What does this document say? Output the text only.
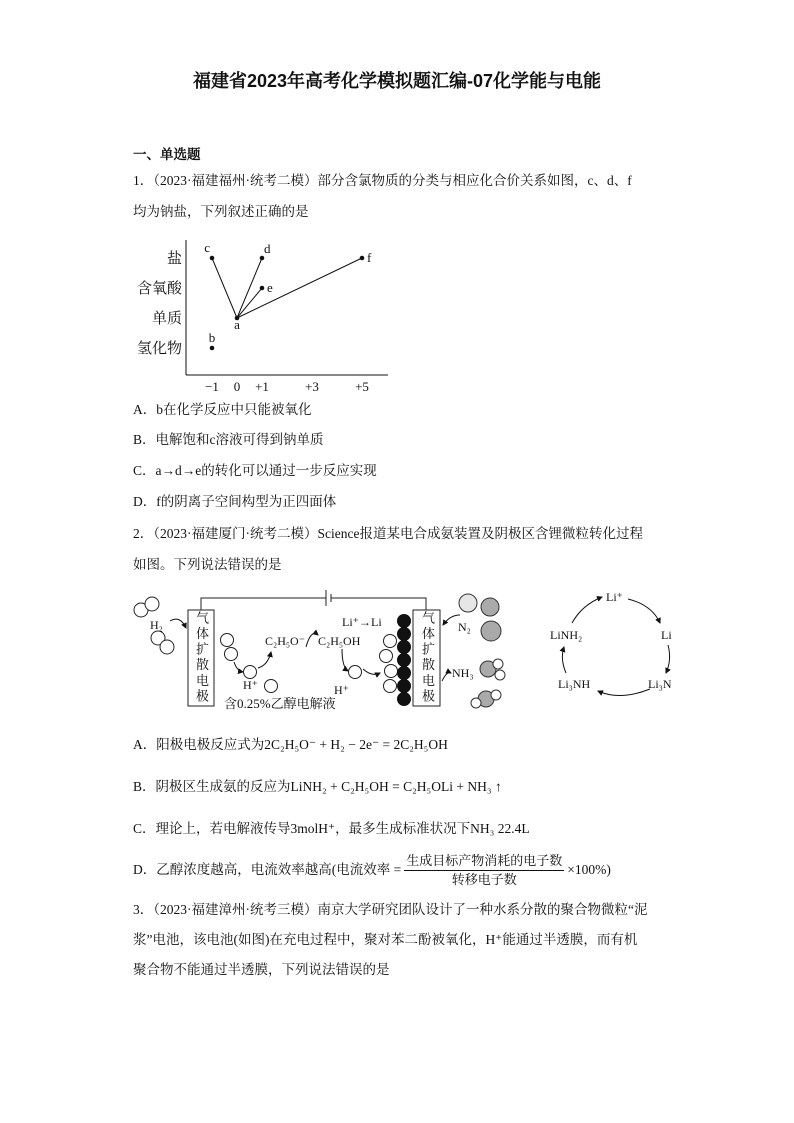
福建省2023年高考化学模拟题汇编-07化学能与电能
一、单选题
1．（2023·福建福州·统考二模）部分含氯物质的分类与相应化合价关系如图，c、d、f
均为钠盐，下列叙述正确的是
盐
含氧酸
单质
氢化物
−1 0 +1	+3	+5
a
b
c	d
e
f
A．b在化学反应中只能被氧化
B．电解饱和c溶液可得到钠单质
C．a→d→e的转化可以通过一步反应实现
D．f的阴离子空间构型为正四面体
2．（2023·福建厦门·统考二模）Science报道某电合成氨装置及阴极区含锂微粒转化过程
如图。下列说法错误的是
H₂	气体扩散电极	气体扩散电极
C₂H₅O⁻ C₂H₅OH
H⁺	H⁺
含0.25%乙醇电解液
Li⁺→Li	N₂
NH₃
Li⁺
Li
Li₃N
Li₃NH
LiNH₂
A．阳极电极反应式为2C₂H₅O⁻ + H₂ − 2e⁻ = 2C₂H₅OH
B．阴极区生成氨的反应为LiNH₂ + C₂H₅OH = C₂H₅OLi + NH₃ ↑
C．理论上，若电解液传导3molH⁺，最多生成标准状况下NH₃ 22.4L
D．乙醇浓度越高，电流效率越高(电流效率 = $\frac{\text{生成目标产物消耗的电子数}}{\text{转移电子数}} \times 100\%$)
3．（2023·福建漳州·统考三模）南京大学研究团队设计了一种水系分散的聚合物微粒“泥
浆”电池，该电池(如图)在充电过程中，聚对苯二酚被氧化，H⁺能通过半透膜，而有机
聚合物不能通过半透膜，下列说法错误的是
